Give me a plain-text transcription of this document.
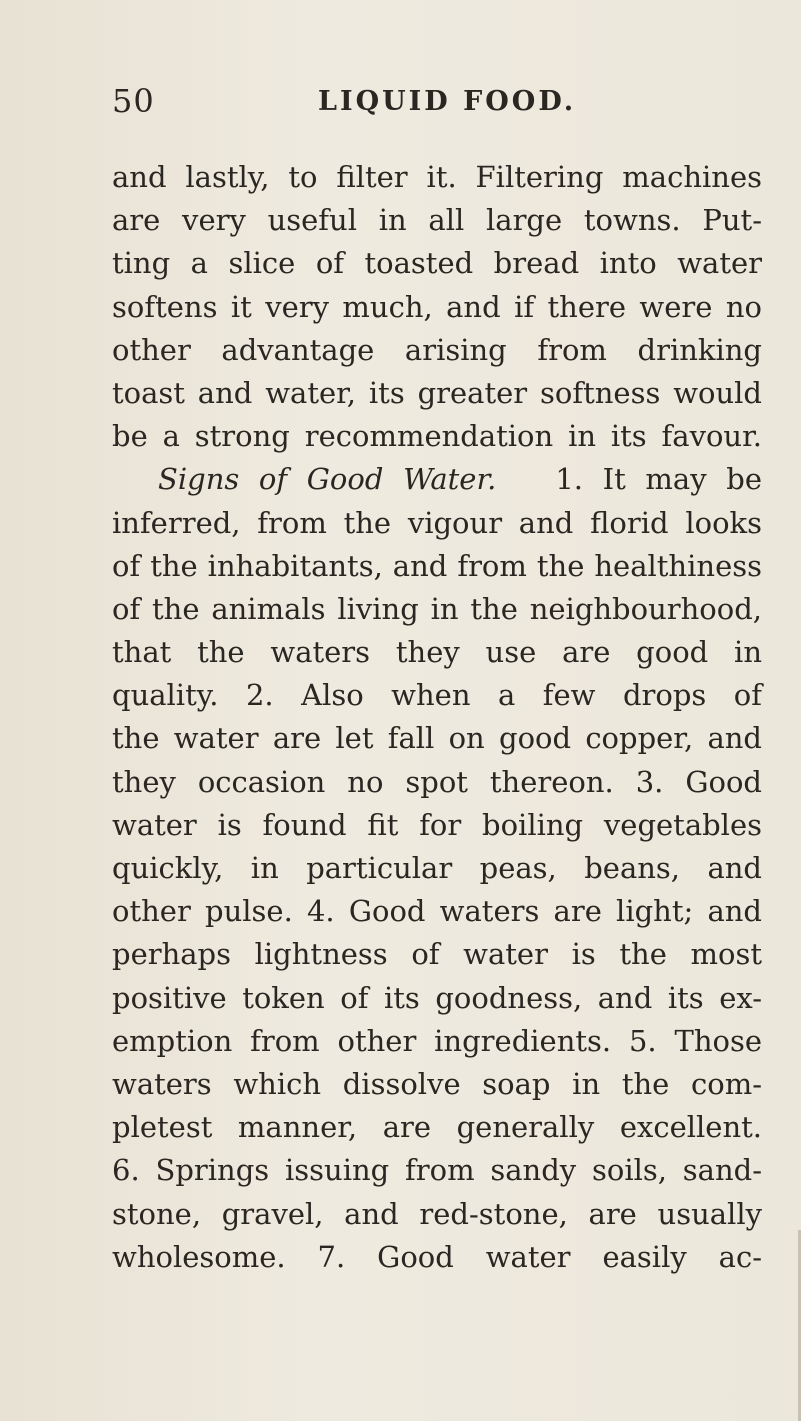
50	LIQUID FOOD.
and lastly, to filter it. Filtering machines
are very useful in all large towns. Put-
ting a slice of toasted bread into water
softens it very much, and if there were no
other advantage arising from drinking
toast and water, its greater softness would
be a strong recommendation in its favour.
Signs of Good Water. 1. It may be
inferred, from the vigour and florid looks
of the inhabitants, and from the healthiness
of the animals living in the neighbourhood,
that the waters they use are good in
quality. 2. Also when a few drops of
the water are let fall on good copper, and
they occasion no spot thereon. 3. Good
water is found fit for boiling vegetables
quickly, in particular peas, beans, and
other pulse. 4. Good waters are light; and
perhaps lightness of water is the most
positive token of its goodness, and its ex-
emption from other ingredients. 5. Those
waters which dissolve soap in the com-
pletest manner, are generally excellent.
6. Springs issuing from sandy soils, sand-
stone, gravel, and red-stone, are usually
wholesome. 7. Good water easily ac-
